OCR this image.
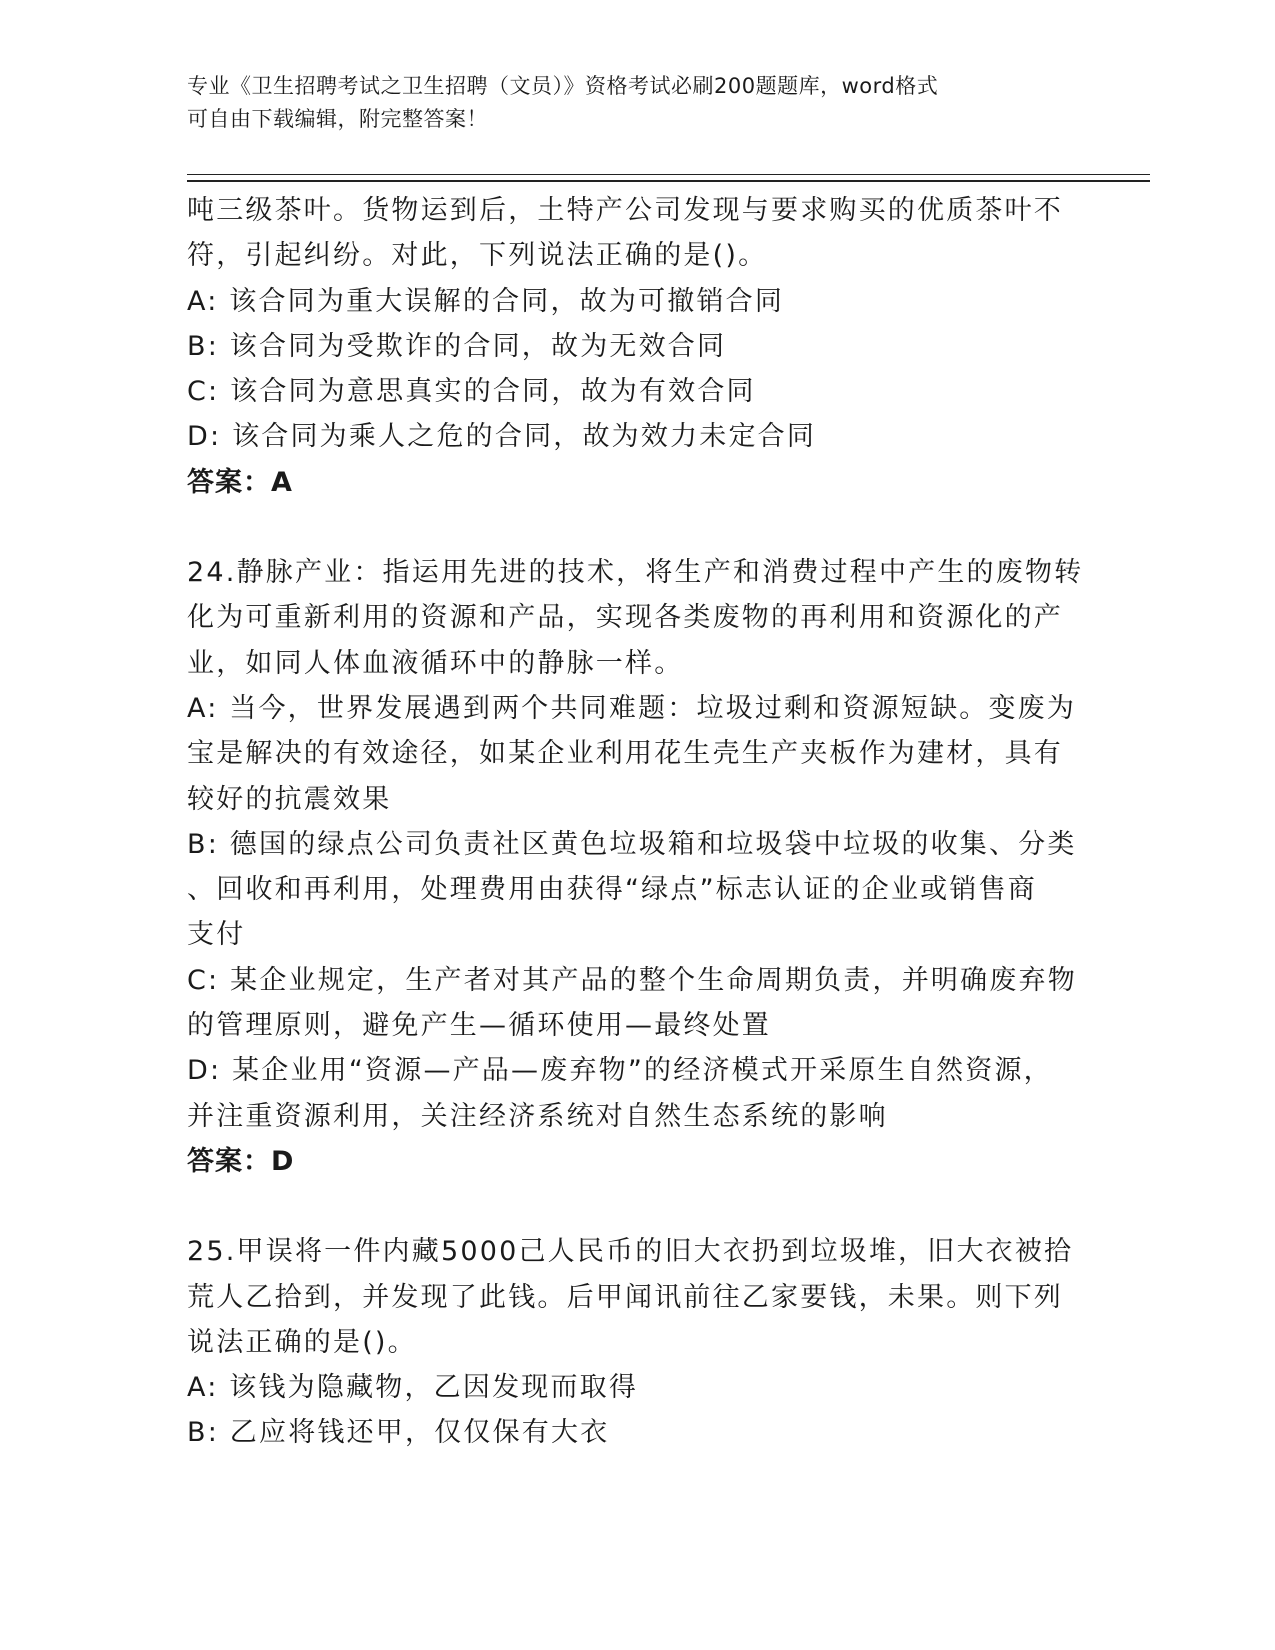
专业《卫生招聘考试之卫生招聘（文员）》资格考试必刷200题题库，word格式
可自由下载编辑，附完整答案！
吨三级茶叶。货物运到后，土特产公司发现与要求购买的优质茶叶不
符，引起纠纷。对此，下列说法正确的是()。
A: 该合同为重大误解的合同，故为可撤销合同
B: 该合同为受欺诈的合同，故为无效合同
C: 该合同为意思真实的合同，故为有效合同
D: 该合同为乘人之危的合同，故为效力未定合同
答案：A
24.静脉产业：指运用先进的技术，将生产和消费过程中产生的废物转
化为可重新利用的资源和产品，实现各类废物的再利用和资源化的产
业，如同人体血液循环中的静脉一样。
A: 当今，世界发展遇到两个共同难题：垃圾过剩和资源短缺。变废为
宝是解决的有效途径，如某企业利用花生壳生产夹板作为建材，具有
较好的抗震效果
B: 德国的绿点公司负责社区黄色垃圾箱和垃圾袋中垃圾的收集、分类
、回收和再利用，处理费用由获得“绿点”标志认证的企业或销售商
支付
C: 某企业规定，生产者对其产品的整个生命周期负责，并明确废弃物
的管理原则，避免产生—循环使用—最终处置
D: 某企业用“资源—产品—废弃物”的经济模式开采原生自然资源，
并注重资源利用，关注经济系统对自然生态系统的影响
答案：D
25.甲误将一件内藏5000己人民币的旧大衣扔到垃圾堆，旧大衣被拾
荒人乙拾到，并发现了此钱。后甲闻讯前往乙家要钱，未果。则下列
说法正确的是()。
A: 该钱为隐藏物，乙因发现而取得
B: 乙应将钱还甲，仅仅保有大衣
